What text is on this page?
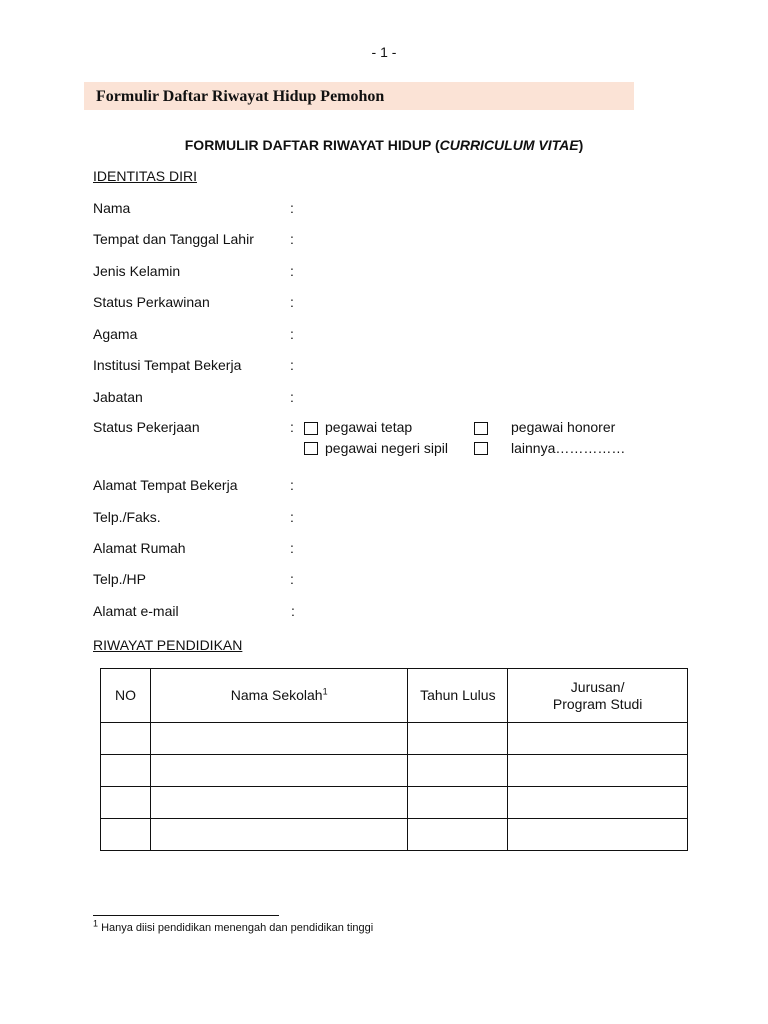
- 1 -
Formulir Daftar Riwayat Hidup Pemohon
FORMULIR DAFTAR RIWAYAT HIDUP (CURRICULUM VITAE)
IDENTITAS DIRI
Nama	:
Tempat dan Tanggal Lahir	:
Jenis Kelamin	:
Status Perkawinan	:
Agama	:
Institusi Tempat Bekerja	:
Jabatan	:
Status Pekerjaan	: pegawai tetap	pegawai honorer
pegawai negeri sipil	lainnya……………
Alamat Tempat Bekerja	:
Telp./Faks.	:
Alamat Rumah	:
Telp./HP	:
Alamat e-mail	:
RIWAYAT PENDIDIKAN
NO	Nama Sekolah$^1$	Tahun Lulus	Jurusan/
Program Studi

$^1$ Hanya diisi pendidikan menengah dan pendidikan tinggi
